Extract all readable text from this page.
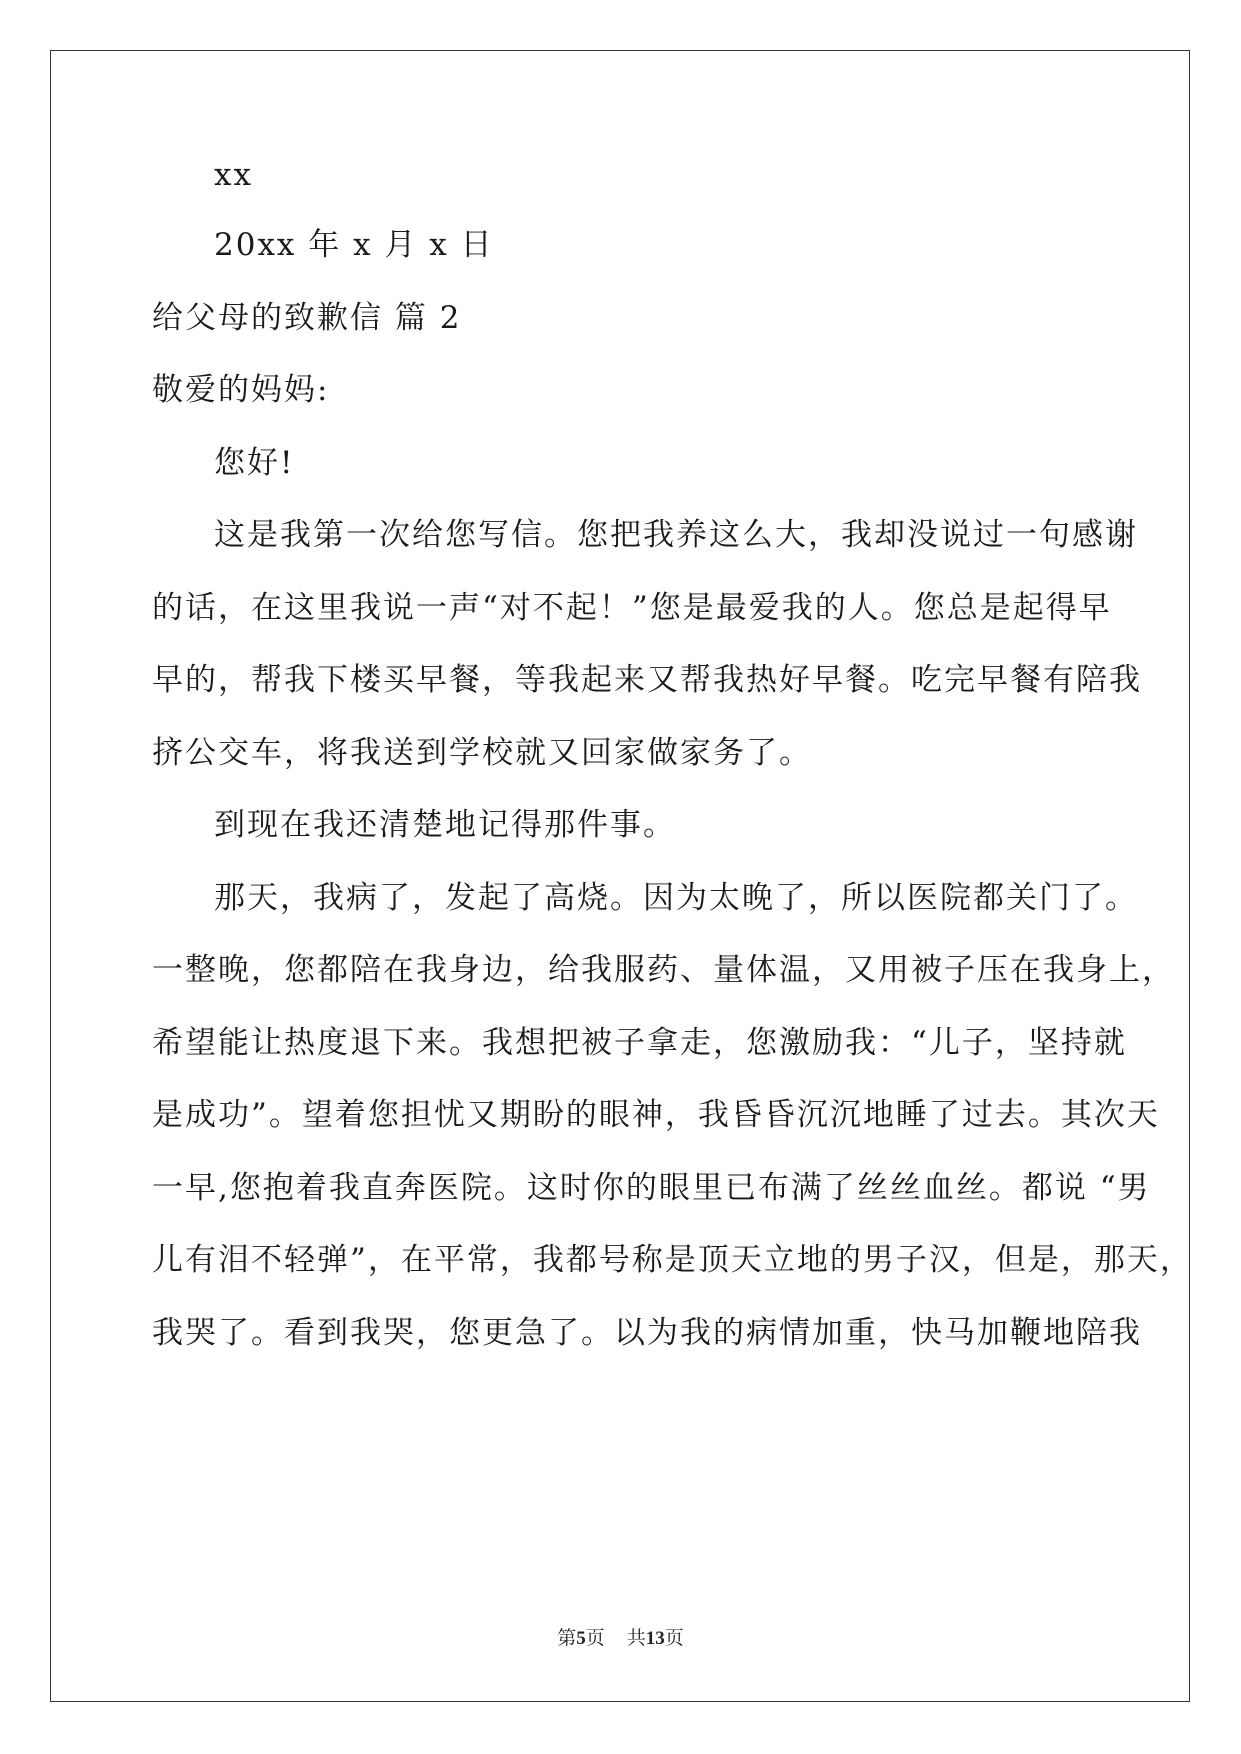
xx
20xx 年 x 月 x 日
给父母的致歉信 篇 2
敬爱的妈妈:
您好!
这是我第一次给您写信。您把我养这么大，我却没说过一句感谢
的话，在这里我说一声“对不起！”您是最爱我的人。您总是起得早
早的，帮我下楼买早餐，等我起来又帮我热好早餐。吃完早餐有陪我
挤公交车，将我送到学校就又回家做家务了。
到现在我还清楚地记得那件事。
那天，我病了，发起了高烧。因为太晚了，所以医院都关门了。
一整晚，您都陪在我身边，给我服药、量体温，又用被子压在我身上，
希望能让热度退下来。我想把被子拿走，您激励我：“儿子，坚持就
是成功”。望着您担忧又期盼的眼神，我昏昏沉沉地睡了过去。其次天
一早,您抱着我直奔医院。这时你的眼里已布满了丝丝血丝。都说 “男
儿有泪不轻弹”，在平常，我都号称是顶天立地的男子汉，但是，那天，
我哭了。看到我哭，您更急了。以为我的病情加重，快马加鞭地陪我
第5页 共13页
